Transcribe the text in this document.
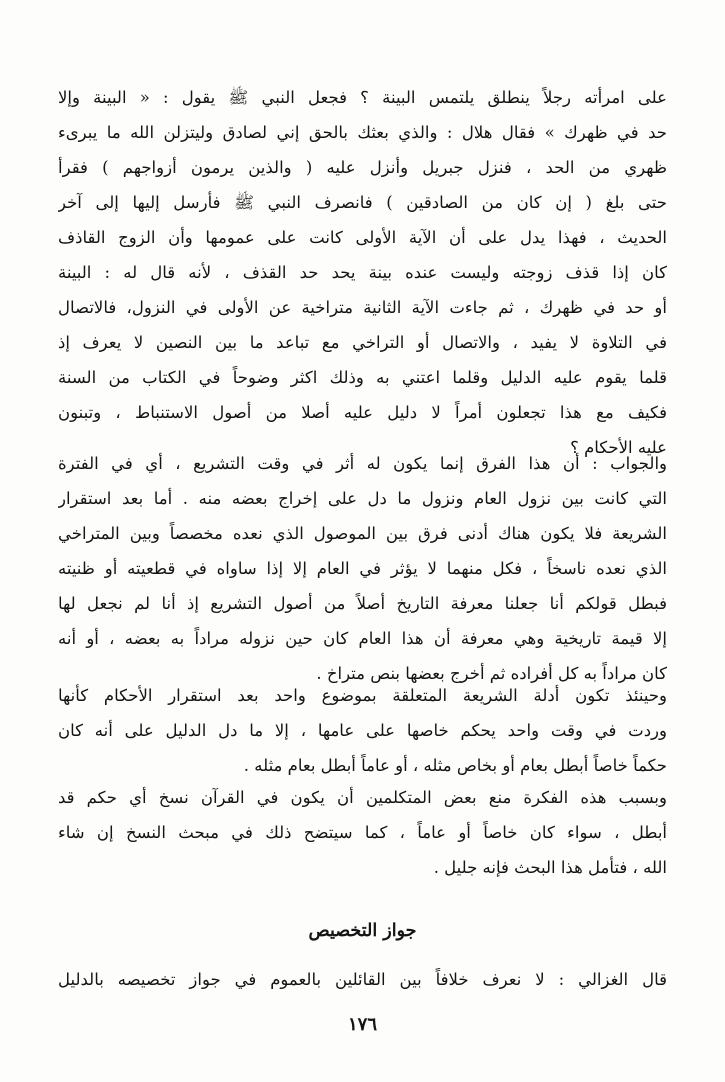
على امرأته رجلاً ينطلق يلتمس البينة ؟ فجعل النبي ﷺ يقول : « البينة وإلا
حد في ظهرك » فقال هلال : والذي بعثك بالحق إني لصادق وليتزلن الله ما يبرىء
ظهري من الحد ، فنزل جبريل وأنزل عليه ( والذين يرمون أزواجهم ) فقرأ
حتى بلغ ( إن كان من الصادقين ) فانصرف النبي ﷺ فأرسل إليها إلى آخر
الحديث ، فهذا يدل على أن الآية الأولى كانت على عمومها وأن الزوج القاذف
كان إذا قذف زوجته وليست عنده بينة يحد حد القذف ، لأنه قال له : البينة
أو حد في ظهرك ، ثم جاءت الآية الثانية متراخية عن الأولى في النزول، فالاتصال
في التلاوة لا يفيد ، والاتصال أو التراخي مع تباعد ما بين النصين لا يعرف إذ
قلما يقوم عليه الدليل وقلما اعتني به وذلك اكثر وضوحاً في الكتاب من السنة
فكيف مع هذا تجعلون أمراً لا دليل عليه أصلا من أصول الاستنباط ، وتبنون
عليه الأحكام ؟
والجواب : أن هذا الفرق إنما يكون له أثر في وقت التشريع ، أي في الفترة
التي كانت بين نزول العام ونزول ما دل على إخراج بعضه منه . أما بعد استقرار
الشريعة فلا يكون هناك أدنى فرق بين الموصول الذي نعده مخصصاً وبين المتراخي
الذي نعده ناسخاً ، فكل منهما لا يؤثر في العام إلا إذا ساواه في قطعيته أو ظنيته
فبطل قولكم أنا جعلنا معرفة التاريخ أصلاً من أصول التشريع إذ أنا لم نجعل لها
إلا قيمة تاريخية وهي معرفة أن هذا العام كان حين نزوله مراداً به بعضه ، أو أنه
كان مراداً به كل أفراده ثم أخرج بعضها بنص متراخ .
وحينئذ تكون أدلة الشريعة المتعلقة بموضوع واحد بعد استقرار الأحكام كأنها
وردت في وقت واحد يحكم خاصها على عامها ، إلا ما دل الدليل على أنه كان
حكماً خاصاً أبطل بعام أو بخاص مثله ، أو عاماً أبطل بعام مثله .
وبسبب هذه الفكرة منع بعض المتكلمين أن يكون في القرآن نسخ أي حكم قد
أبطل ، سواء كان خاصاً أو عاماً ، كما سيتضح ذلك في مبحث النسخ إن شاء
الله ، فتأمل هذا البحث فإنه جليل .
جواز التخصيص
قال الغزالي : لا نعرف خلافاً بين القائلين بالعموم في جواز تخصيصه بالدليل
١٧٦
